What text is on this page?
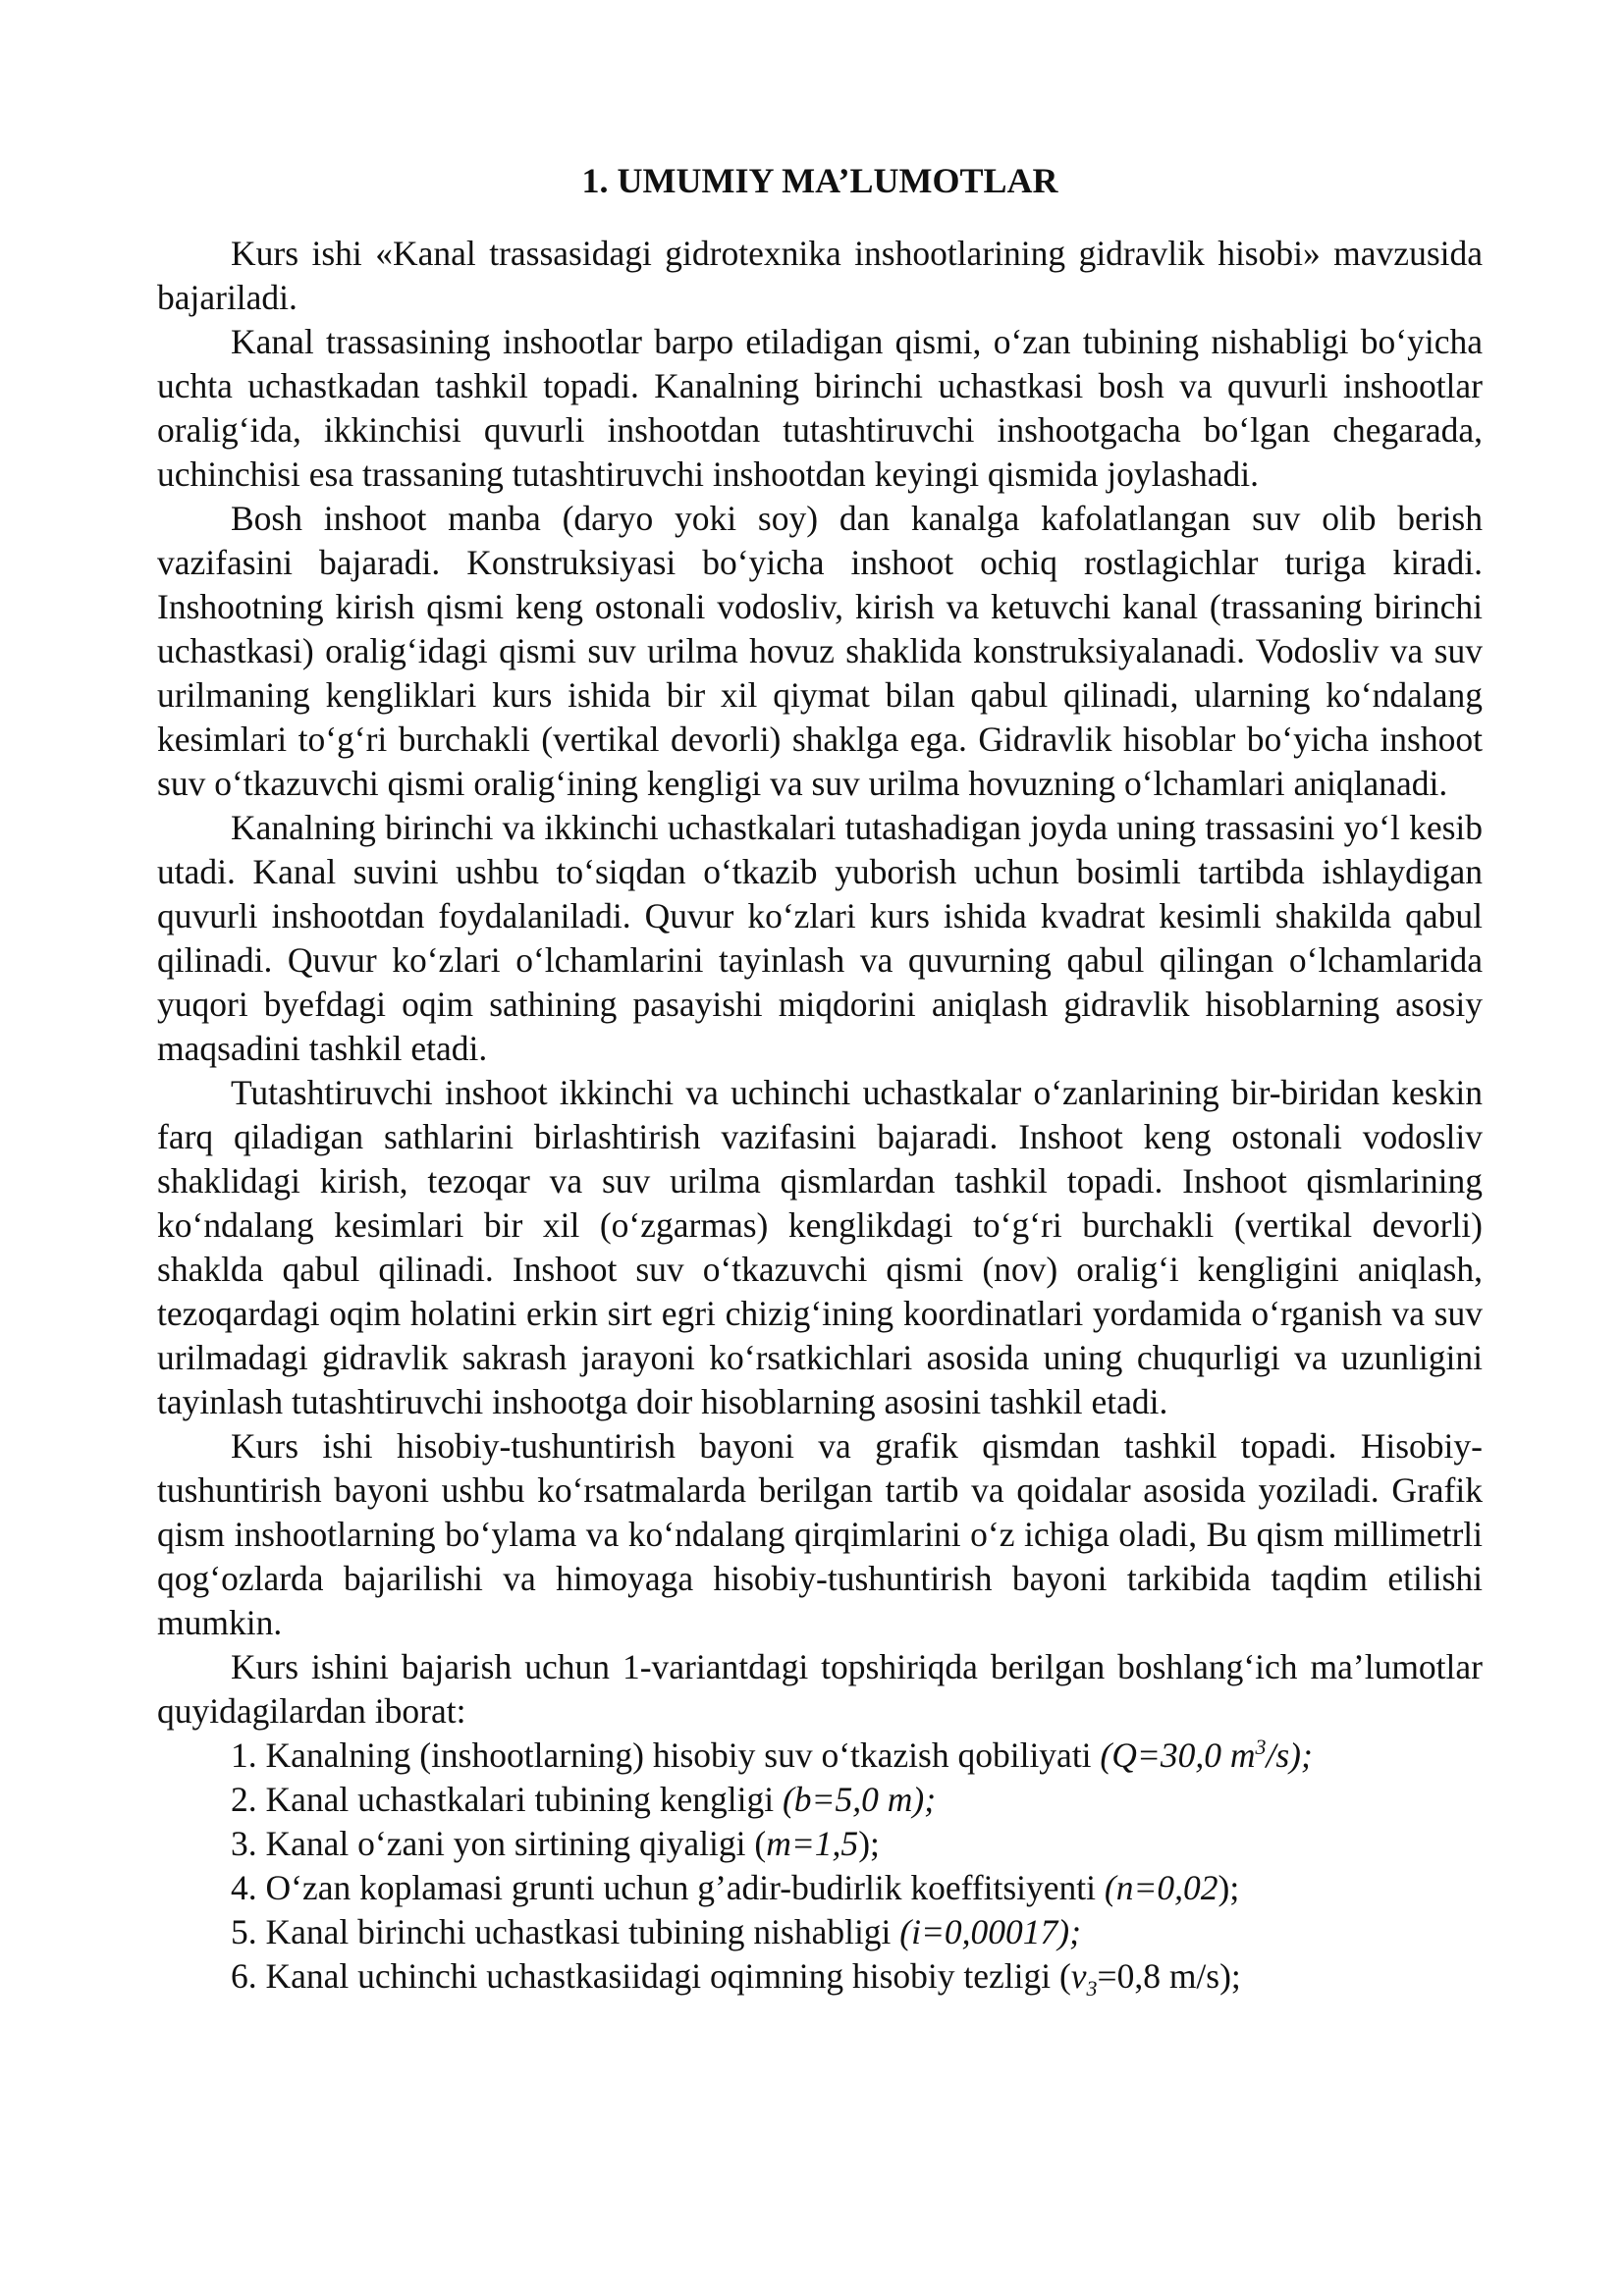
1. UMUMIY MA’LUMOTLAR

Kurs ishi «Kanal trassasidagi gidrotexnika inshootlarining gidravlik hisobi» mavzusida bajariladi.

Kanal trassasining inshootlar barpo etiladigan qismi, o‘zan tubining nishabligi bo‘yicha uchta uchastkadan tashkil topadi. Kanalning birinchi uchastkasi bosh va quvurli inshootlar oralig‘ida, ikkinchisi quvurli inshootdan tutashtiruvchi inshootgacha bo‘lgan chegarada, uchinchisi esa trassaning tutashtiruvchi inshootdan keyingi qismida joylashadi.

Bosh inshoot manba (daryo yoki soy) dan kanalga kafolatlangan suv olib berish vazifasini bajaradi. Konstruksiyasi bo‘yicha inshoot ochiq rostlagichlar turiga kiradi. Inshootning kirish qismi keng ostonali vodosliv, kirish va ketuvchi kanal (trassaning birinchi uchastkasi) oralig‘idagi qismi suv urilma hovuz shaklida konstruksiyalanadi. Vodosliv va suv urilmaning kengliklari kurs ishida bir xil qiymat bilan qabul qilinadi, ularning ko‘ndalang kesimlari to‘g‘ri burchakli (vertikal devorli) shaklga ega. Gidravlik hisoblar bo‘yicha inshoot suv o‘tkazuvchi qismi oralig‘ining kengligi va suv urilma hovuzning o‘lchamlari aniqlanadi.

Kanalning birinchi va ikkinchi uchastkalari tutashadigan joyda uning trassasini yo‘l kesib utadi. Kanal suvini ushbu to‘siqdan o‘tkazib yuborish uchun bosimli tartibda ishlaydigan quvurli inshootdan foydalaniladi. Quvur ko‘zlari kurs ishida kvadrat kesimli shakilda qabul qilinadi. Quvur ko‘zlari o‘lchamlarini tayinlash va quvurning qabul qilingan o‘lchamlarida yuqori byefdagi oqim sathining pasayishi miqdorini aniqlash gidravlik hisoblarning asosiy maqsadini tashkil etadi.

Tutashtiruvchi inshoot ikkinchi va uchinchi uchastkalar o‘zanlarining bir-biridan keskin farq qiladigan sathlarini birlashtirish vazifasini bajaradi. Inshoot keng ostonali vodosliv shaklidagi kirish, tezoqar va suv urilma qismlardan tashkil topadi. Inshoot qismlarining ko‘ndalang kesimlari bir xil (o‘zgarmas) kenglikdagi to‘g‘ri burchakli (vertikal devorli) shaklda qabul qilinadi. Inshoot suv o‘tkazuvchi qismi (nov) oralig‘i kengligini aniqlash, tezoqardagi oqim holatini erkin sirt egri chizig‘ining koordinatlari yordamida o‘rganish va suv urilmadagi gidravlik sakrash jarayoni ko‘rsatkichlari asosida uning chuqurligi va uzunligini tayinlash tutashtiruvchi inshootga doir hisoblarning asosini tashkil etadi.

Kurs ishi hisobiy-tushuntirish bayoni va grafik qismdan tashkil topadi. Hisobiy-tushuntirish bayoni ushbu ko‘rsatmalarda berilgan tartib va qoidalar asosida yoziladi. Grafik qism inshootlarning bo‘ylama va ko‘ndalang qirqimlarini o‘z ichiga oladi, Bu qism millimetrli qog‘ozlarda bajarilishi va himoyaga hisobiy-tushuntirish bayoni tarkibida taqdim etilishi mumkin.

Kurs ishini bajarish uchun 1-variantdagi topshiriqda berilgan boshlang‘ich ma’lumotlar quyidagilardan iborat:

1. Kanalning (inshootlarning) hisobiy suv o‘tkazish qobiliyati (Q=30,0 $m^3/s$);
2. Kanal uchastkalari tubining kengligi (b=5,0 m);
3. Kanal o‘zani yon sirtining qiyaligi (m=1,5);
4. O‘zan koplamasi grunti uchun g’adir-budirlik koeffitsiyenti (n=0,02);
5. Kanal birinchi uchastkasi tubining nishabligi (i=0,00017);
6. Kanal uchinchi uchastkasiidagi oqimning hisobiy tezligi ($v_3=0,8$ m/s);
